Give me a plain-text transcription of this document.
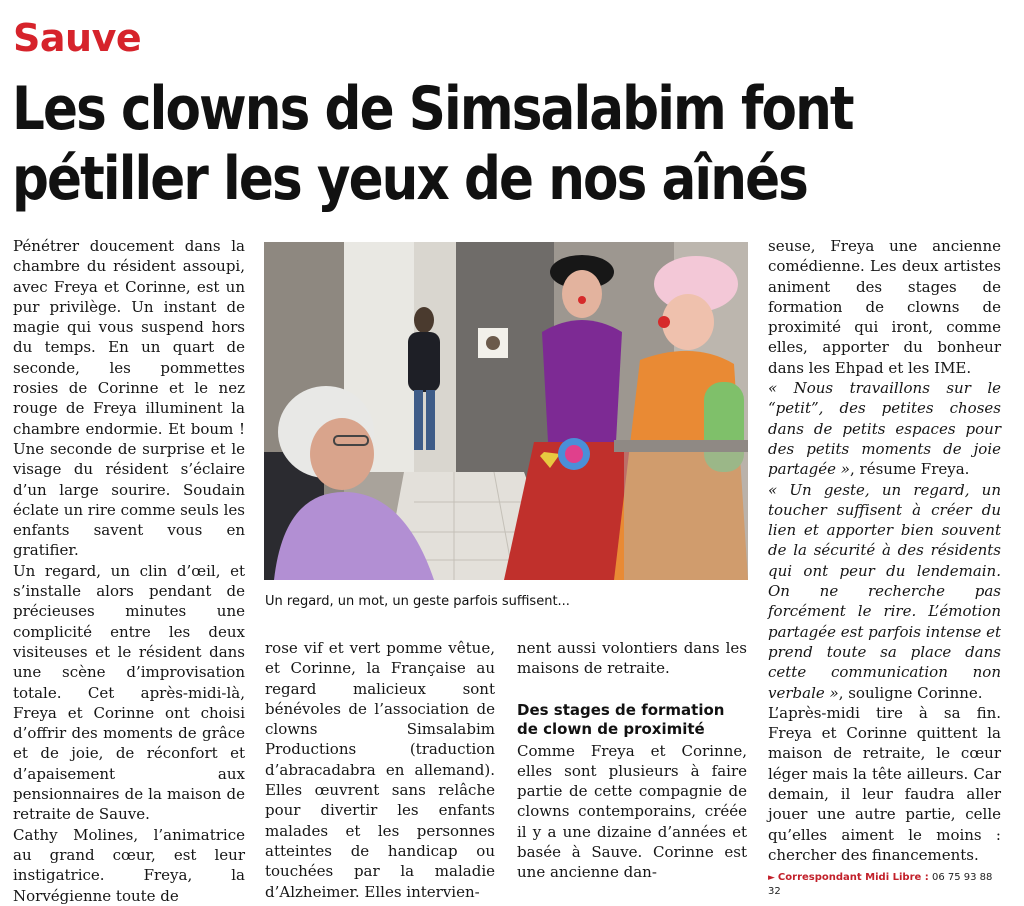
Sauve
Les clowns de Simsalabim font pétiller les yeux de nos aînés

Pénétrer doucement dans la chambre du résident assoupi, avec Freya et Corinne, est un pur privilège. Un instant de magie qui vous suspend hors du temps. En un quart de seconde, les pommettes rosies de Corinne et le nez rouge de Freya illuminent la chambre endormie. Et boum ! Une seconde de surprise et le visage du résident s’éclaire d’un large sourire. Soudain éclate un rire comme seuls les enfants savent vous en gratifier.

Un regard, un clin d’œil, et s’installe alors pendant de précieuses minutes une complicité entre les deux visiteuses et le résident dans une scène d’improvisation totale. Cet après-midi-là, Freya et Corinne ont choisi d’offrir des moments de grâce et de joie, de réconfort et d’apaisement aux pensionnaires de la maison de retraite de Sauve.

Cathy Molines, l’animatrice au grand cœur, est leur instigatrice. Freya, la Norvégienne toute de

Un regard, un mot, un geste parfois suffisent...

rose vif et vert pomme vêtue, et Corinne, la Française au regard malicieux sont bénévoles de l’association de clowns Simsalabim Productions (traduction d’abracadabra en allemand). Elles œuvrent sans relâche pour divertir les enfants malades et les personnes atteintes de handicap ou touchées par la maladie d’Alzheimer. Elles intervien-

nent aussi volontiers dans les maisons de retraite.

Des stages de formation de clown de proximité

Comme Freya et Corinne, elles sont plusieurs à faire partie de cette compagnie de clowns contemporains, créée il y a une dizaine d’années et basée à Sauve. Corinne est une ancienne dan-

seuse, Freya une ancienne comédienne. Les deux artistes animent des stages de formation de clowns de proximité qui iront, comme elles, apporter du bonheur dans les Ehpad et les IME.

« Nous travaillons sur le “petit”, des petites choses dans de petits espaces pour des petits moments de joie partagée », résume Freya.

« Un geste, un regard, un toucher suffisent à créer du lien et apporter bien souvent de la sécurité à des résidents qui ont peur du lendemain. On ne recherche pas forcément le rire. L’émotion partagée est parfois intense et prend toute sa place dans cette communication non verbale », souligne Corinne.

L’après-midi tire à sa fin. Freya et Corinne quittent la maison de retraite, le cœur léger mais la tête ailleurs. Car demain, il leur faudra aller jouer une autre partie, celle qu’elles aiment le moins : chercher des financements.

► Correspondant Midi Libre : 06 75 93 88 32
